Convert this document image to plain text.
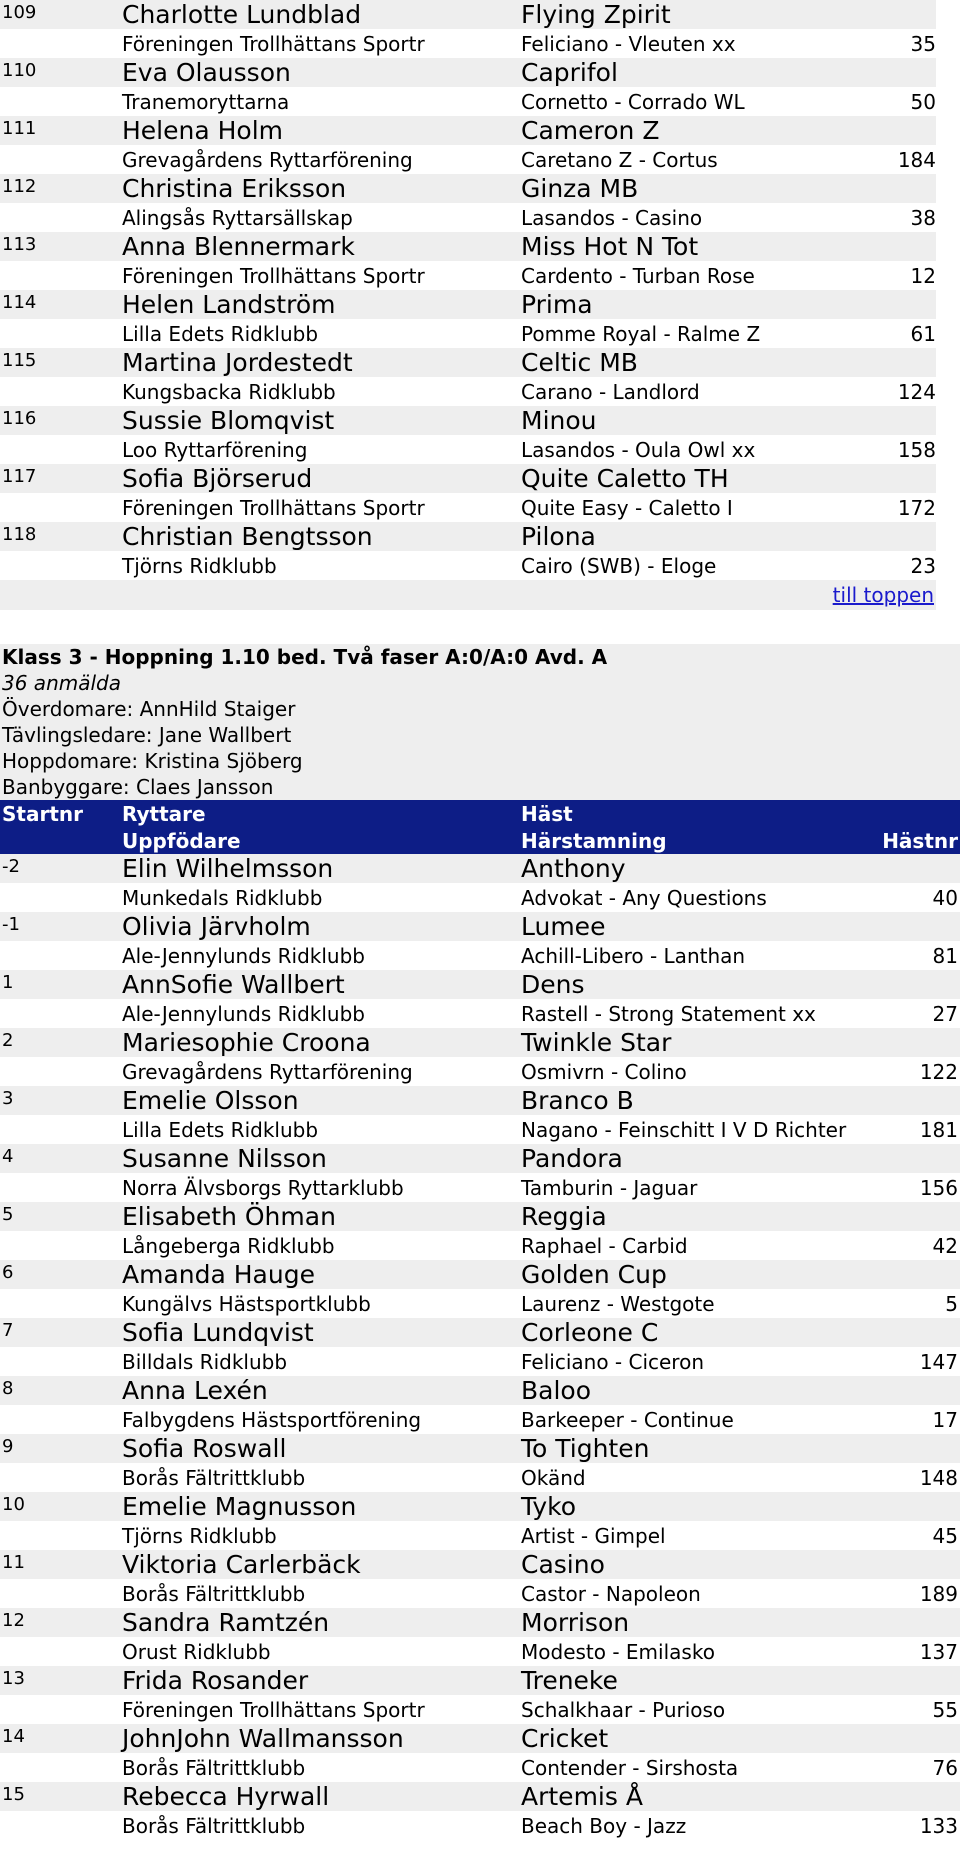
109	Charlotte Lundblad	Flying Zpirit
Föreningen Trollhättans Sportr	Feliciano - Vleuten xx	35
110	Eva Olausson	Caprifol
Tranemoryttarna	Cornetto - Corrado WL	50
111	Helena Holm	Cameron Z
Grevagårdens Ryttarförening	Caretano Z - Cortus	184
112	Christina Eriksson	Ginza MB
Alingsås Ryttarsällskap	Lasandos - Casino	38
113	Anna Blennermark	Miss Hot N Tot
Föreningen Trollhättans Sportr	Cardento - Turban Rose	12
114	Helen Landström	Prima
Lilla Edets Ridklubb	Pomme Royal - Ralme Z	61
115	Martina Jordestedt	Celtic MB
Kungsbacka Ridklubb	Carano - Landlord	124
116	Sussie Blomqvist	Minou
Loo Ryttarförening	Lasandos - Oula Owl xx	158
117	Sofia Björserud	Quite Caletto TH
Föreningen Trollhättans Sportr	Quite Easy - Caletto I	172
118	Christian Bengtsson	Pilona
Tjörns Ridklubb	Cairo (SWB) - Eloge	23
till toppen
Klass 3 - Hoppning 1.10 bed. Två faser A:0/A:0 Avd. A
36 anmälda
Överdomare: AnnHild Staiger
Tävlingsledare: Jane Wallbert
Hoppdomare: Kristina Sjöberg
Banbyggare: Claes Jansson
Startnr Ryttare	Häst
Uppfödare	Härstamning	Hästnr
-2	Elin Wilhelmsson	Anthony
Munkedals Ridklubb	Advokat - Any Questions	40
-1	Olivia Järvholm	Lumee
Ale-Jennylunds Ridklubb	Achill-Libero - Lanthan	81
1	AnnSofie Wallbert	Dens
Ale-Jennylunds Ridklubb	Rastell - Strong Statement xx	27
2	Mariesophie Croona	Twinkle Star
Grevagårdens Ryttarförening	Osmivrn - Colino	122
3	Emelie Olsson	Branco B
Lilla Edets Ridklubb	Nagano - Feinschitt I V D Richter	181
4	Susanne Nilsson	Pandora
Norra Älvsborgs Ryttarklubb	Tamburin - Jaguar	156
5	Elisabeth Öhman	Reggia
Långeberga Ridklubb	Raphael - Carbid	42
6	Amanda Hauge	Golden Cup
Kungälvs Hästsportklubb	Laurenz - Westgote	5
7	Sofia Lundqvist	Corleone C
Billdals Ridklubb	Feliciano - Ciceron	147
8	Anna Lexén	Baloo
Falbygdens Hästsportförening	Barkeeper - Continue	17
9	Sofia Roswall	To Tighten
Borås Fältrittklubb	Okänd	148
10	Emelie Magnusson	Tyko
Tjörns Ridklubb	Artist - Gimpel	45
11	Viktoria Carlerbäck	Casino
Borås Fältrittklubb	Castor - Napoleon	189
12	Sandra Ramtzén	Morrison
Orust Ridklubb	Modesto - Emilasko	137
13	Frida Rosander	Treneke
Föreningen Trollhättans Sportr	Schalkhaar - Purioso	55
14	JohnJohn Wallmansson	Cricket
Borås Fältrittklubb	Contender - Sirshosta	76
15	Rebecca Hyrwall	Artemis Å
Borås Fältrittklubb	Beach Boy - Jazz	133
